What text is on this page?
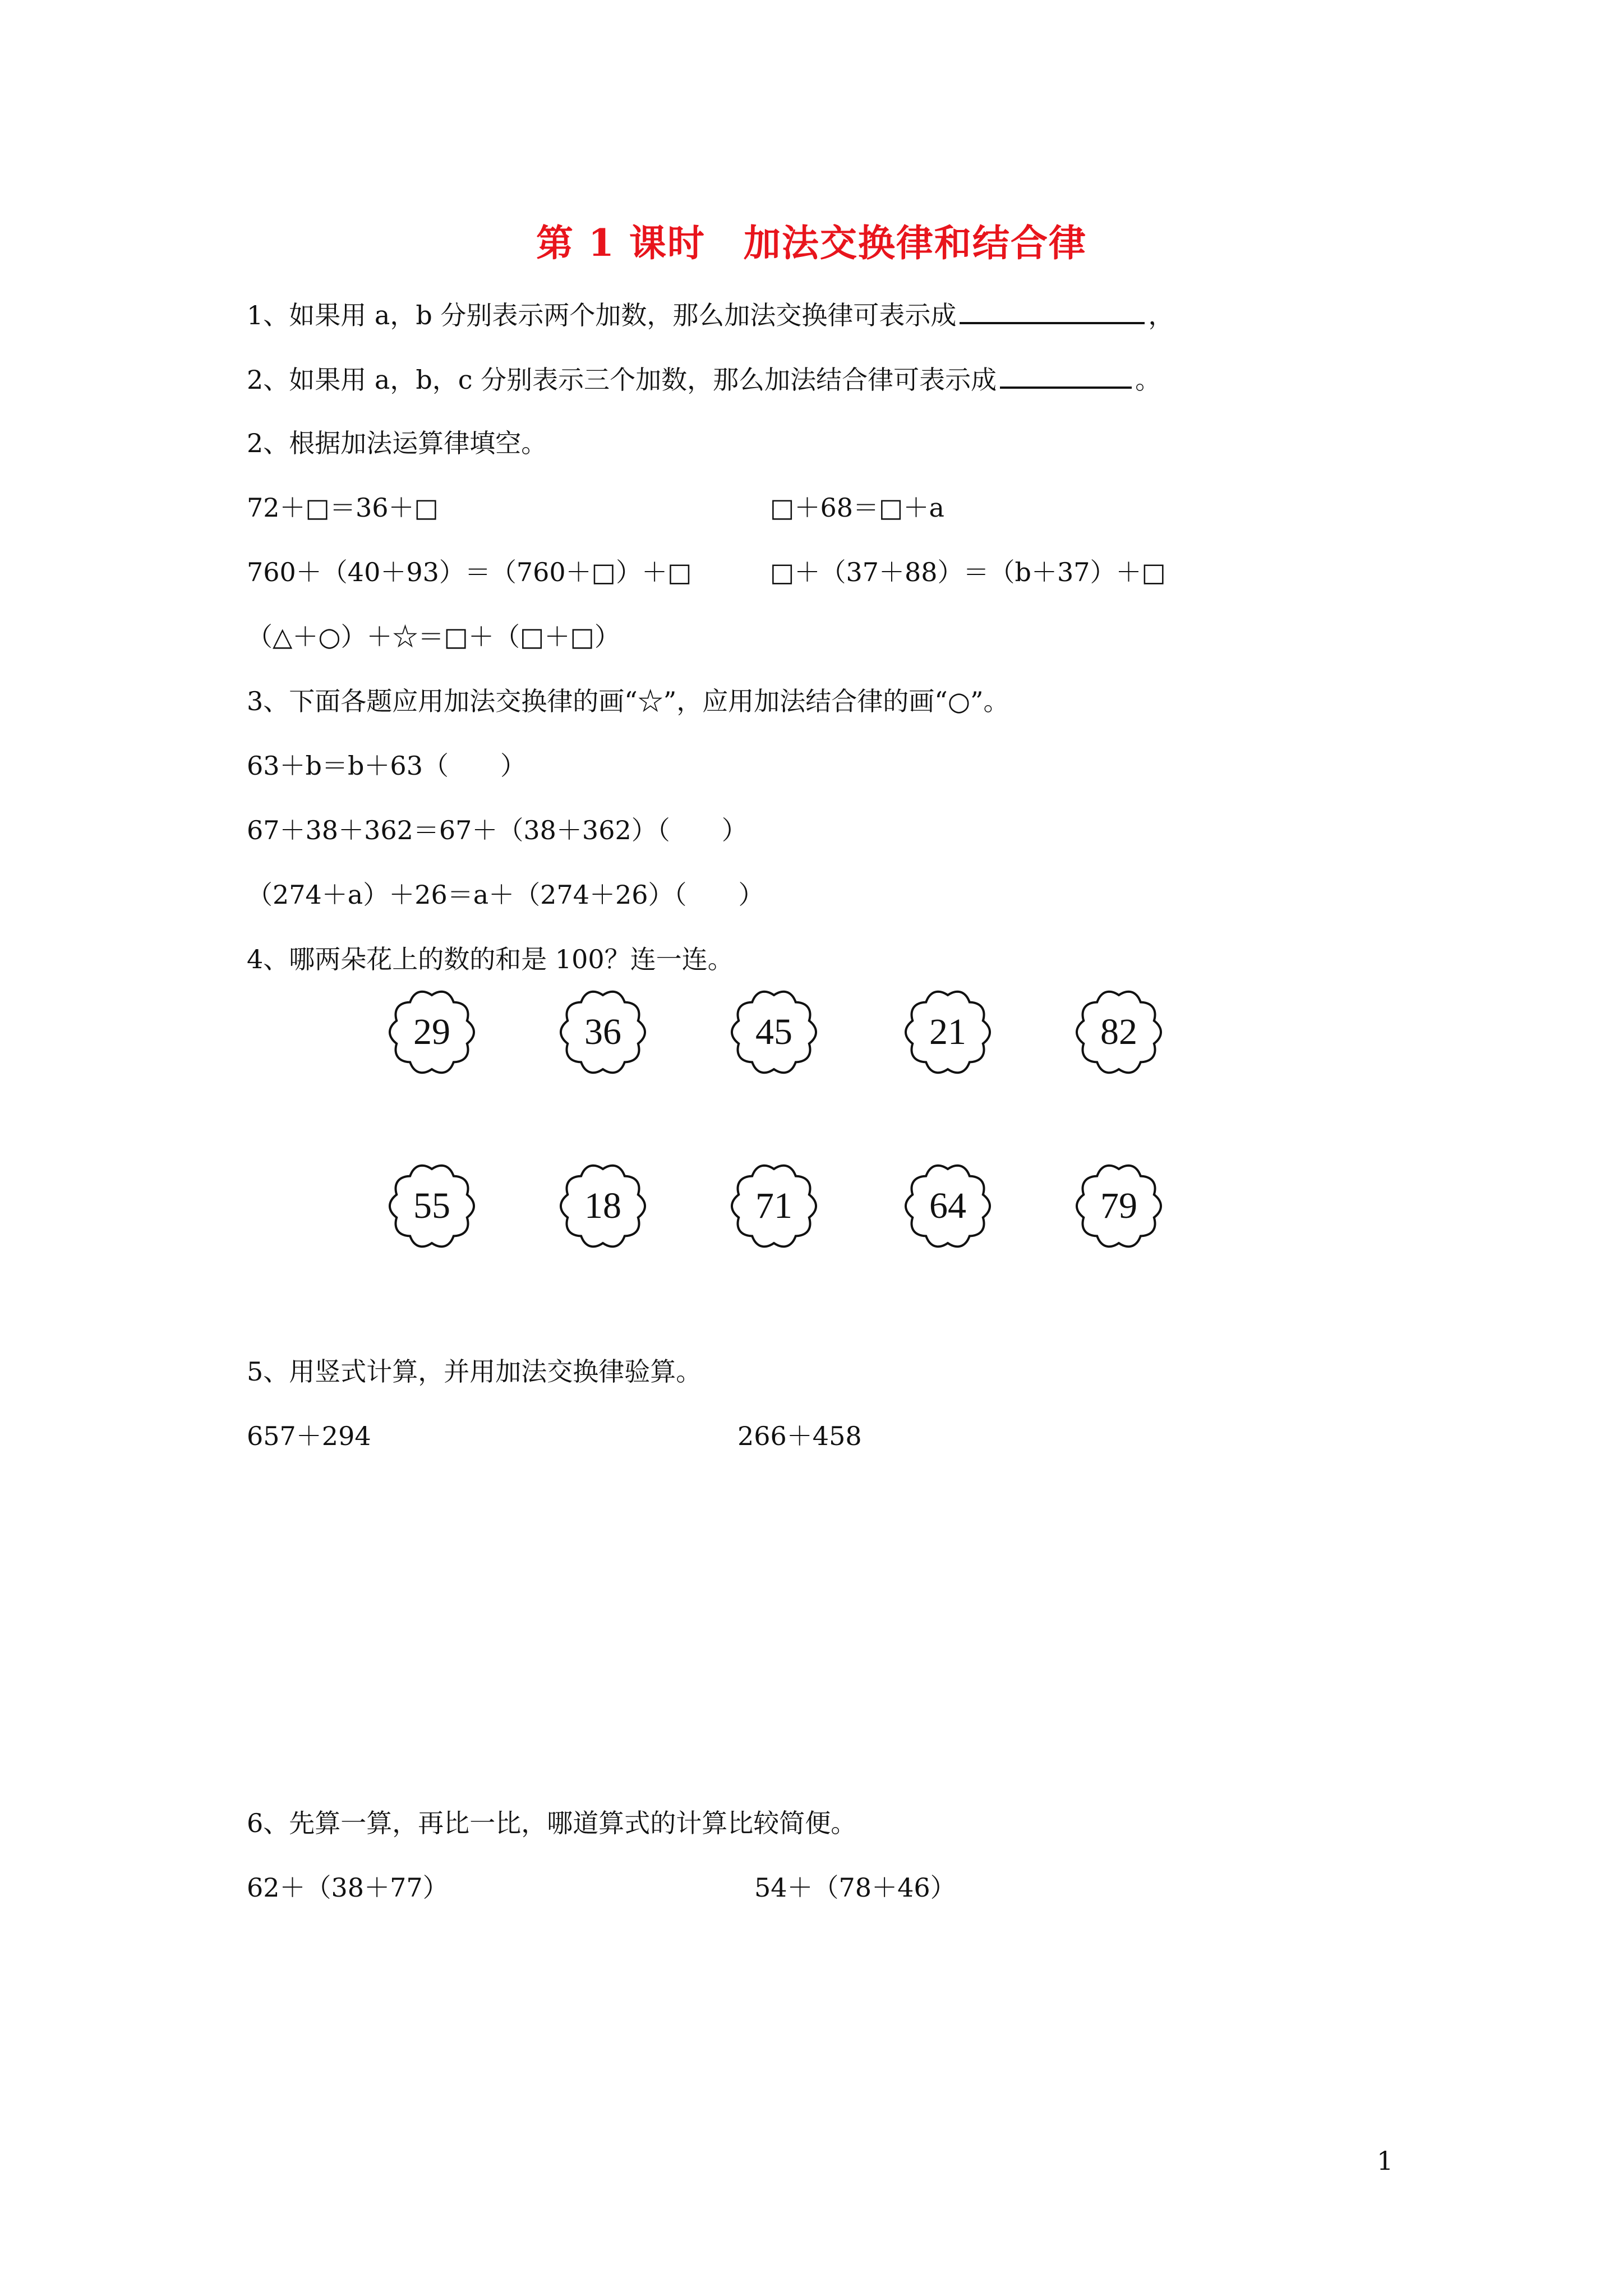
第 1 课时　加法交换律和结合律
1、如果用 a，b 分别表示两个加数，那么加法交换律可表示成	，
2、如果用 a，b，c 分别表示三个加数，那么加法结合律可表示成	。
2、根据加法运算律填空。
72＋□＝36＋□	□＋68＝□＋a
760＋（40＋93）＝（760＋□）＋□	□＋（37＋88）＝（b＋37）＋□
（△＋○）＋☆＝□＋（□＋□）
3、下面各题应用加法交换律的画“☆”，应用加法结合律的画“○”。
63＋b＝b＋63（　　）
67＋38＋362＝67＋（38＋362）（　　）
（274＋a）＋26＝a＋（274＋26）（　　）
4、哪两朵花上的数的和是 100？连一连。
29	36	45	21	82
55	18	71	64	79
5、用竖式计算，并用加法交换律验算。
657＋294	266＋458
6、先算一算，再比一比，哪道算式的计算比较简便。
62＋（38＋77）	54＋（78＋46）
1
